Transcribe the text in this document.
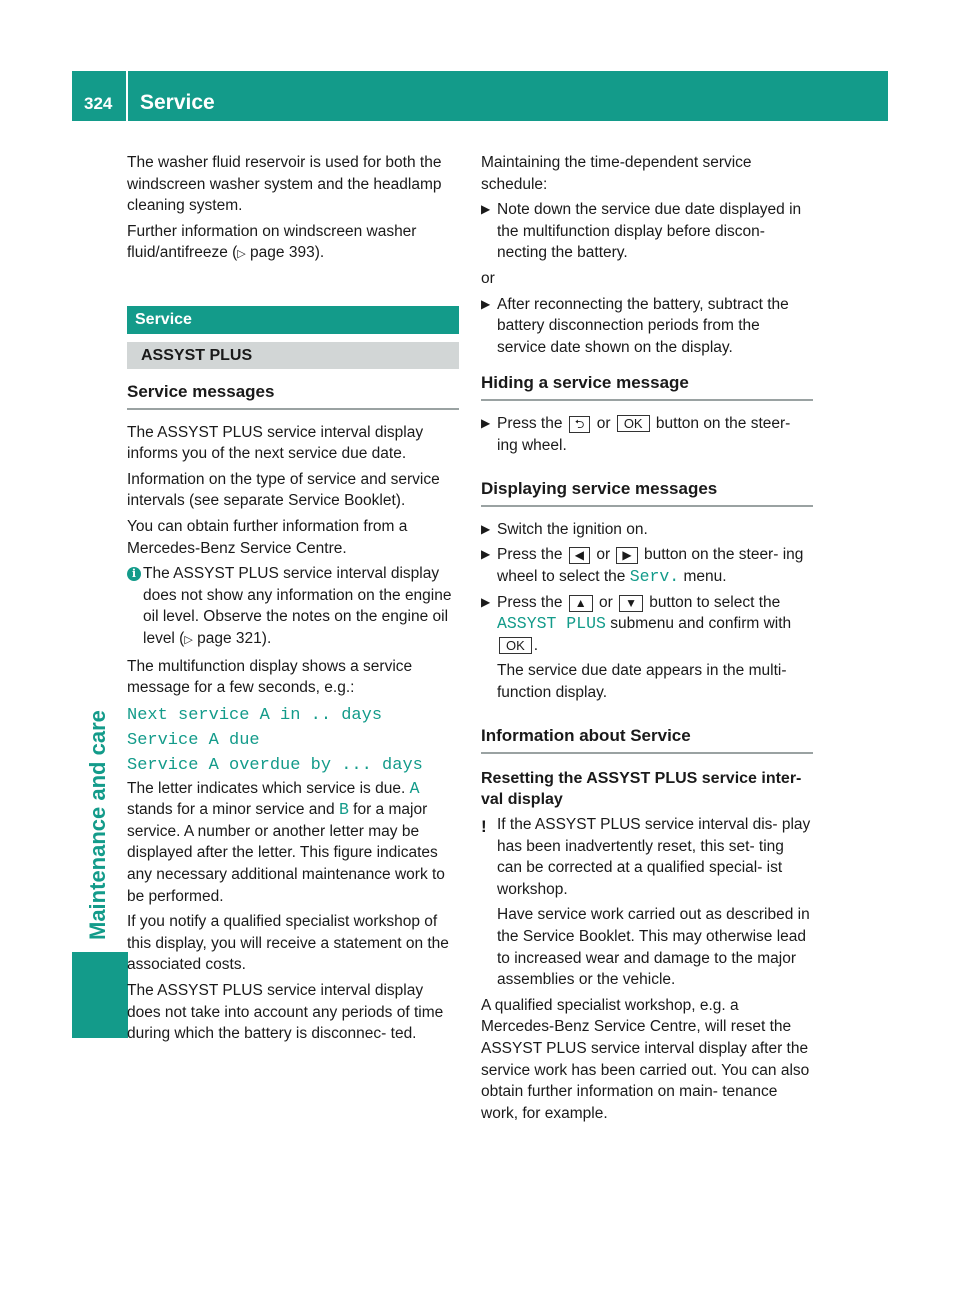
324 Service
Maintenance and care

The washer fluid reservoir is used for both the windscreen washer system and the headlamp cleaning system.

Further information on windscreen washer fluid/antifreeze (▷ page 393).

Service
ASSYST PLUS
Service messages

The ASSYST PLUS service interval display informs you of the next service due date.

Information on the type of service and service intervals (see separate Service Booklet).

You can obtain further information from a Mercedes-Benz Service Centre.

i The ASSYST PLUS service interval display does not show any information on the engine oil level. Observe the notes on the engine oil level (▷ page 321).

The multifunction display shows a service message for a few seconds, e.g.:

Next service A in .. days

Service A due

Service A overdue by ... days

The letter indicates which service is due. A stands for a minor service and B for a major service. A number or another letter may be displayed after the letter. This figure indicates any necessary additional maintenance work to be performed.

If you notify a qualified specialist workshop of this display, you will receive a statement on the associated costs.

The ASSYST PLUS service interval display does not take into account any periods of time during which the battery is disconnec- ted.

Maintaining the time-dependent service schedule:

▶ Note down the service due date displayed in the multifunction display before discon- necting the battery.

or

▶ After reconnecting the battery, subtract the battery disconnection periods from the service date shown on the display.
Hiding a service message
▶ Press the ⮌ or OK button on the steer- ing wheel.
Displaying service messages
▶ Switch the ignition on.
▶ Press the ◀ or ▶ button on the steer- ing wheel to select the Serv. menu.
▶ Press the ▲ or ▼ button to select the ASSYST PLUS submenu and confirm with OK .

The service due date appears in the multi- function display.

Information about Service
Resetting the ASSYST PLUS service inter- val display
! If the ASSYST PLUS service interval dis- play has been inadvertently reset, this set- ting can be corrected at a qualified special- ist workshop.

Have service work carried out as described in the Service Booklet. This may otherwise lead to increased wear and damage to the major assemblies or the vehicle.

A qualified specialist workshop, e.g. a Mercedes-Benz Service Centre, will reset the ASSYST PLUS service interval display after the service work has been carried out. You can also obtain further information on main- tenance work, for example.
